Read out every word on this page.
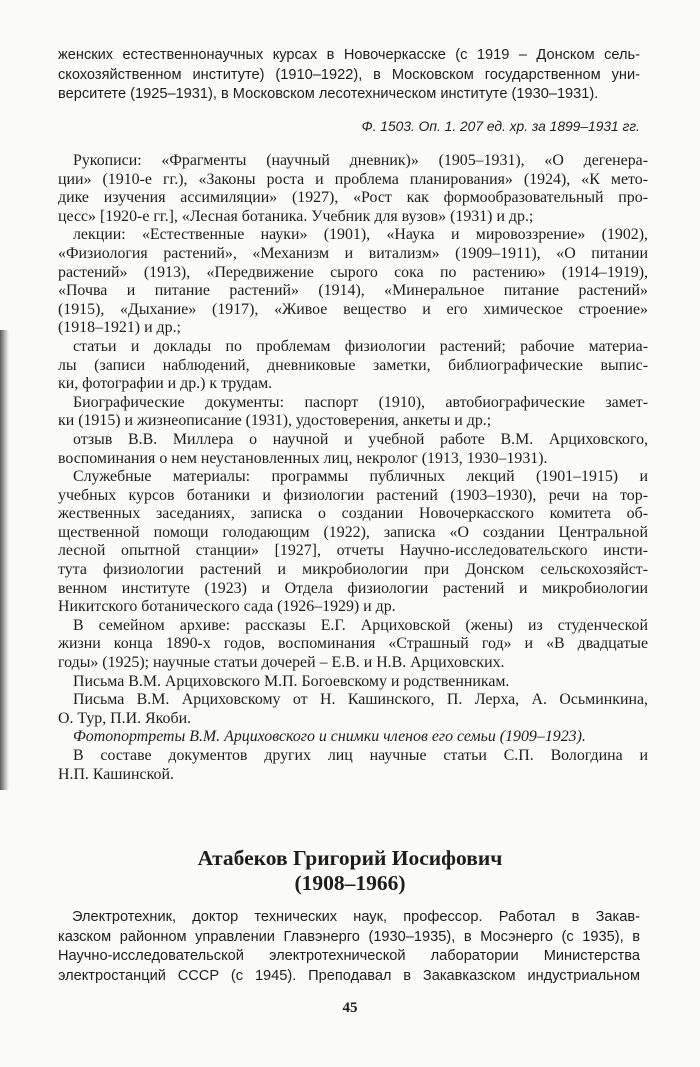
женских естественнонаучных курсах в Новочеркасске (с 1919 – Донском сель-
скохозяйственном институте) (1910–1922), в Московском государственном уни-
верситете (1925–1931), в Московском лесотехническом институте (1930–1931).
Ф. 1503. Оп. 1. 207 ед. хр. за 1899–1931 гг.
Рукописи: «Фрагменты (научный дневник)» (1905–1931), «О дегенера-
ции» (1910-е гг.), «Законы роста и проблема планирования» (1924), «К мето-
дике изучения ассимиляции» (1927), «Рост как формообразовательный про-
цесс» [1920-е гг.], «Лесная ботаника. Учебник для вузов» (1931) и др.;
лекции: «Естественные науки» (1901), «Наука и мировоззрение» (1902),
«Физиология растений», «Механизм и витализм» (1909–1911), «О питании
растений» (1913), «Передвижение сырого сока по растению» (1914–1919),
«Почва и питание растений» (1914), «Минеральное питание растений»
(1915), «Дыхание» (1917), «Живое вещество и его химическое строение»
(1918–1921) и др.;
статьи и доклады по проблемам физиологии растений; рабочие материа-
лы (записи наблюдений, дневниковые заметки, библиографические выпис-
ки, фотографии и др.) к трудам.
Биографические документы: паспорт (1910), автобиографические замет-
ки (1915) и жизнеописание (1931), удостоверения, анкеты и др.;
отзыв В.В. Миллера о научной и учебной работе В.М. Арциховского,
воспоминания о нем неустановленных лиц, некролог (1913, 1930–1931).
Служебные материалы: программы публичных лекций (1901–1915) и
учебных курсов ботаники и физиологии растений (1903–1930), речи на тор-
жественных заседаниях, записка о создании Новочеркасского комитета об-
щественной помощи голодающим (1922), записка «О создании Центральной
лесной опытной станции» [1927], отчеты Научно-исследовательского инсти-
тута физиологии растений и микробиологии при Донском сельскохозяйст-
венном институте (1923) и Отдела физиологии растений и микробиологии
Никитского ботанического сада (1926–1929) и др.
В семейном архиве: рассказы Е.Г. Арциховской (жены) из студенческой
жизни конца 1890-х годов, воспоминания «Страшный год» и «В двадцатые
годы» (1925); научные статьи дочерей – Е.В. и Н.В. Арциховских.
Письма В.М. Арциховского М.П. Богоевскому и родственникам.
Письма В.М. Арциховскому от Н. Кашинского, П. Лерха, А. Осьминкина,
О. Тур, П.И. Якоби.
Фотопортреты В.М. Арциховского и снимки членов его семьи (1909–1923).
В составе документов других лиц научные статьи С.П. Вологдина и
Н.П. Кашинской.
Атабеков Григорий Иосифович
(1908–1966)
Электротехник, доктор технических наук, профессор. Работал в Закав-
казском районном управлении Главэнерго (1930–1935), в Мосэнерго (с 1935), в
Научно-исследовательской электротехнической лаборатории Министерства
электростанций СССР (с 1945). Преподавал в Закавказском индустриальном
45
